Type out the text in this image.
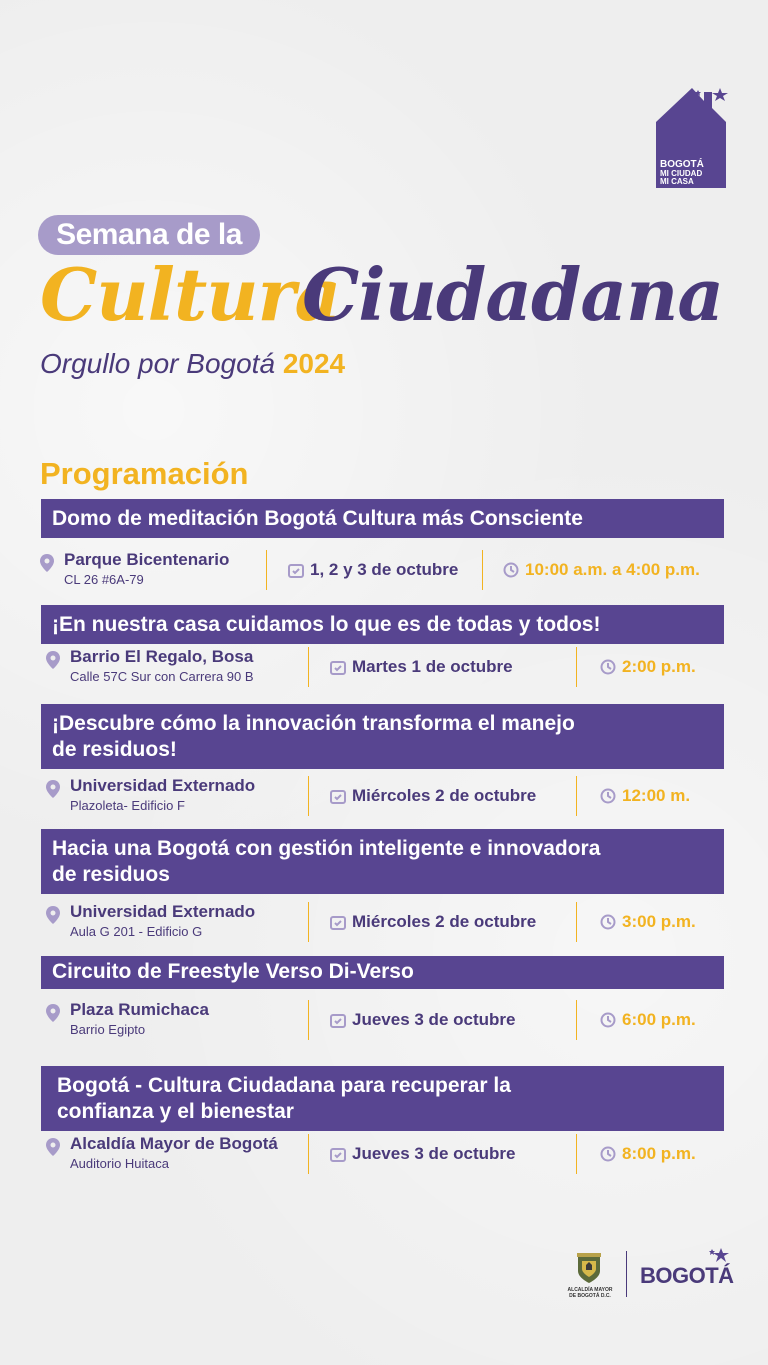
BOGOTÁ
MI CIUDAD
MI CASA
Semana de la
Cultura
Ciudadana
Orgullo por Bogotá 2024
Programación
Domo de meditación Bogotá Cultura más Consciente
Parque Bicentenario
CL 26 #6A-79
1, 2 y 3 de octubre	10:00 a.m. a 4:00 p.m.
¡En nuestra casa cuidamos lo que es de todas y todos!
Barrio El Regalo, Bosa
Calle 57C Sur con Carrera 90 B
Martes 1 de octubre	2:00 p.m.
¡Descubre cómo la innovación transforma el manejo
de residuos!
Universidad Externado
Plazoleta- Edificio F
Miércoles 2 de octubre	12:00 m.
Hacia una Bogotá con gestión inteligente e innovadora
de residuos
Universidad Externado
Aula G 201 - Edificio G
Miércoles 2 de octubre	3:00 p.m.
Circuito de Freestyle Verso Di-Verso
Plaza Rumichaca
Barrio Egipto
Jueves 3 de octubre	6:00 p.m.
Bogotá - Cultura Ciudadana para recuperar la
confianza y el bienestar
Alcaldía Mayor de Bogotá
Auditorio Huitaca
Jueves 3 de octubre	8:00 p.m.
ALCALDÍA MAYOR
DE BOGOTÁ D.C.
BOGOTÁ
